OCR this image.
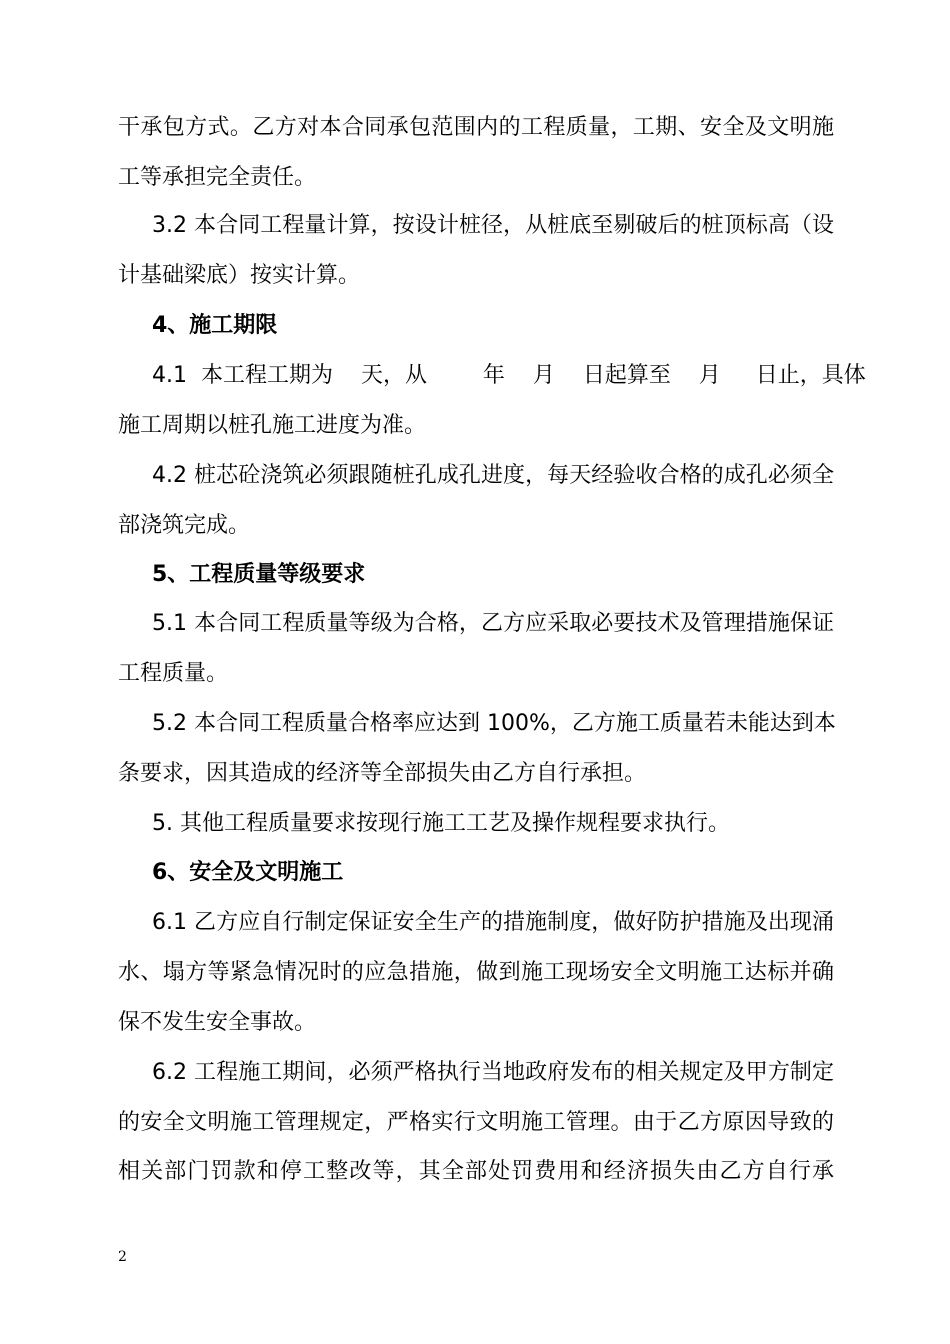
干承包方式。乙方对本合同承包范围内的工程质量，工期、安全及文明施
工等承担完全责任。
3.2 本合同工程量计算，按设计桩径，从桩底至剔破后的桩顶标高（设
计基础梁底）按实计算。
4、施工期限
4.1  本工程工期为    天，从        年    月    日起算至    月     日止，具体
施工周期以桩孔施工进度为准。
4.2 桩芯砼浇筑必须跟随桩孔成孔进度，每天经验收合格的成孔必须全
部浇筑完成。
5、工程质量等级要求
5.1 本合同工程质量等级为合格，乙方应采取必要技术及管理措施保证
工程质量。
5.2 本合同工程质量合格率应达到 100%，乙方施工质量若未能达到本
条要求，因其造成的经济等全部损失由乙方自行承担。
5. 其他工程质量要求按现行施工工艺及操作规程要求执行。
6、安全及文明施工
6.1 乙方应自行制定保证安全生产的措施制度，做好防护措施及出现涌
水、塌方等紧急情况时的应急措施，做到施工现场安全文明施工达标并确
保不发生安全事故。
6.2 工程施工期间，必须严格执行当地政府发布的相关规定及甲方制定
的安全文明施工管理规定，严格实行文明施工管理。由于乙方原因导致的
相关部门罚款和停工整改等，其全部处罚费用和经济损失由乙方自行承
2
